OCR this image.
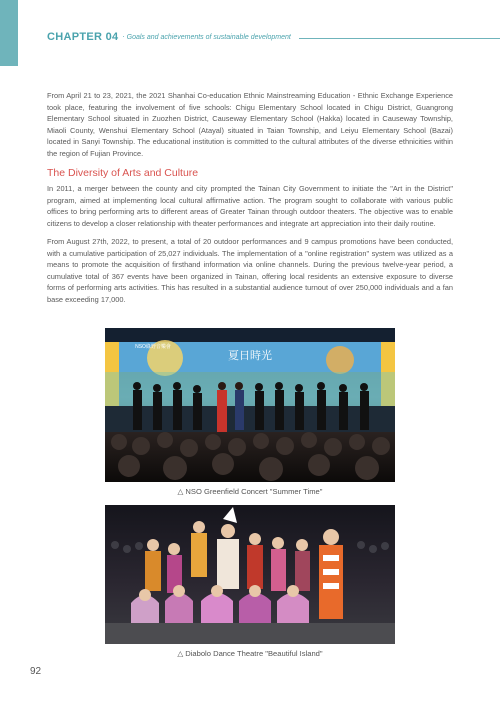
CHAPTER 04 ‧ Goals and achievements of sustainable development

From April 21 to 23, 2021, the 2021 Shanhai Co-education Ethnic Mainstreaming Education - Ethnic Exchange Experience took place, featuring the involvement of five schools: Chigu Elementary School located in Chigu District, Guangrong Elementary School situated in Zuozhen District, Causeway Elementary School (Hakka) located in Causeway Township, Miaoli County, Wenshui Elementary School (Atayal) situated in Taian Township, and Leiyu Elementary School (Bazai) located in Sanyi Township. The educational institution is committed to the cultural attributes of the diverse ethnicities within the region of Fujian Province.

The Diversity of Arts and Culture

In 2011, a merger between the county and city prompted the Tainan City Government to initiate the "Art in the District" program, aimed at implementing local cultural affirmative action. The program sought to collaborate with various public offices to bring performing arts to different areas of Greater Tainan through outdoor theaters. The objective was to enable citizens to develop a closer relationship with theater performances and integrate art appreciation into their daily routine.

From August 27th, 2022, to present, a total of 20 outdoor performances and 9 campus promotions have been conducted, with a cumulative participation of 25,027 individuals. The implementation of a "online registration" system was utilized as a means to promote the acquisition of firsthand information via online channels. During the previous twelve-year period, a cumulative total of 367 events have been organized in Tainan, offering local residents an extensive exposure to diverse forms of performing arts activities. This has resulted in a substantial audience turnout of over 250,000 individuals and a fan base exceeding 17,000.

夏日時光
NSO綠野音樂會
△ NSO Greenfield Concert "Summer Time"
△ Diabolo Dance Theatre "Beautiful Island"
92
